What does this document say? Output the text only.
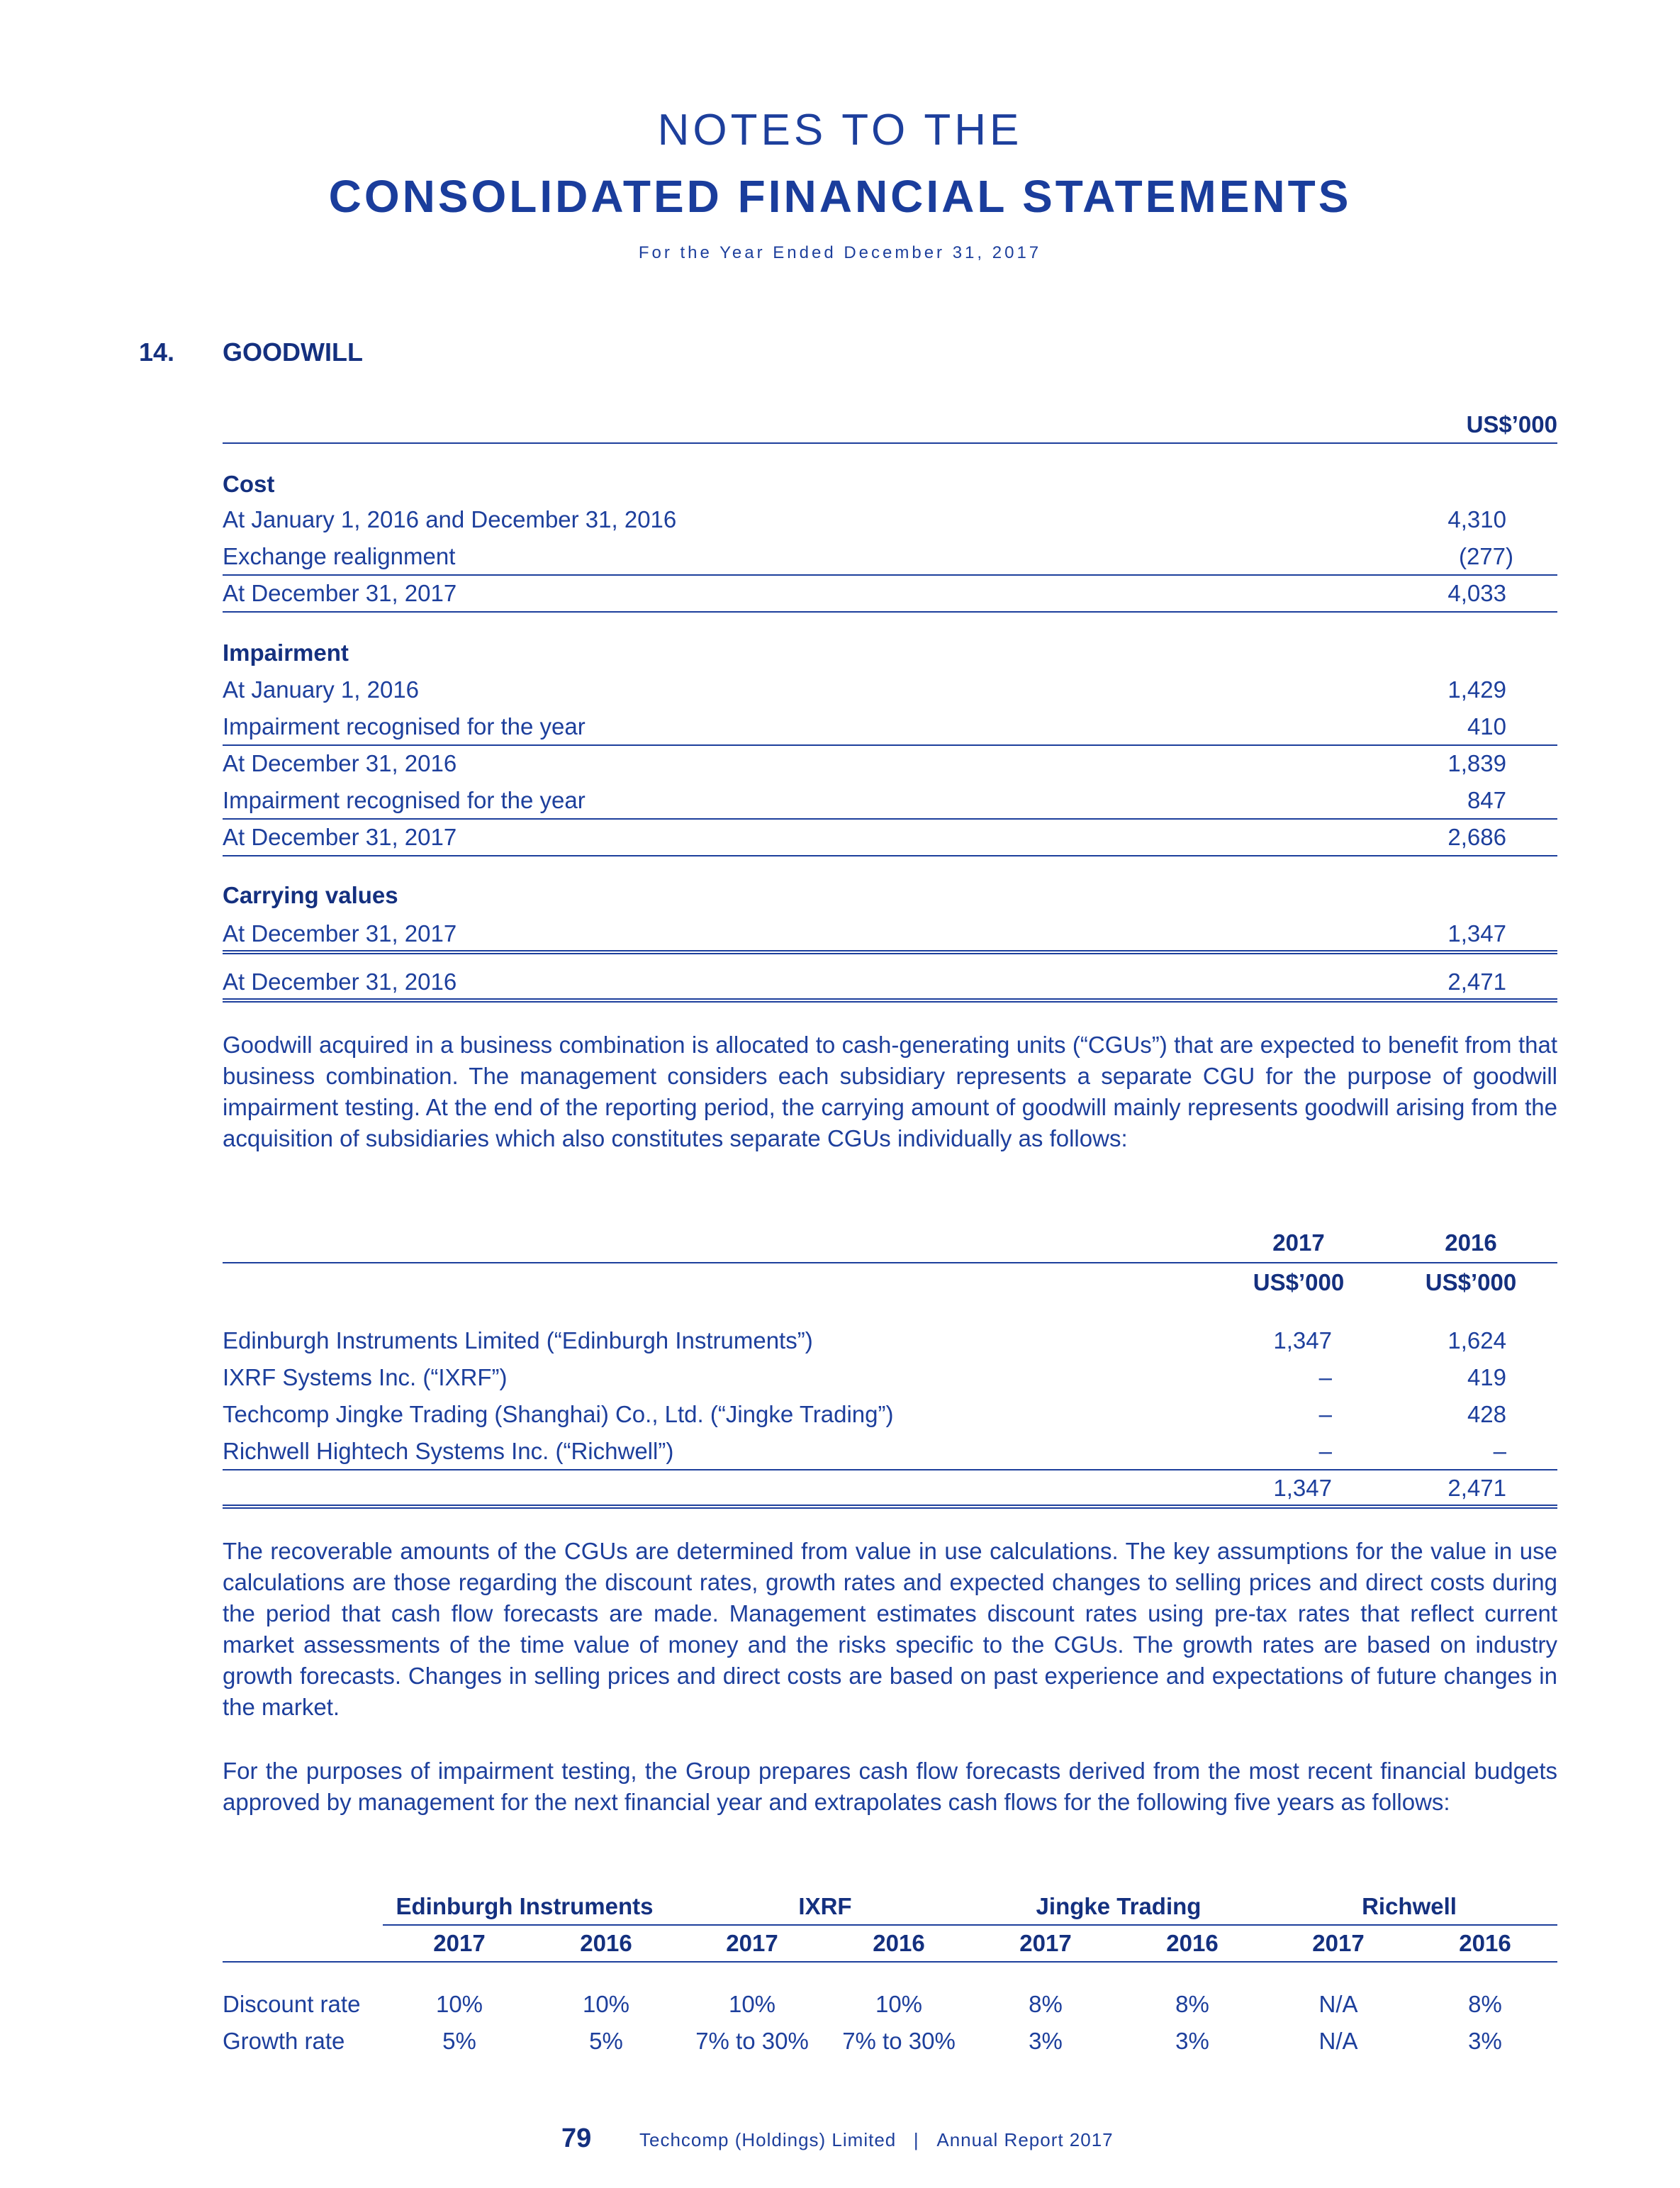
NOTES TO THE
CONSOLIDATED FINANCIAL STATEMENTS
For the Year Ended December 31, 2017
14. GOODWILL
US$’000
Cost
At January 1, 2016 and December 31, 2016	4,310
Exchange realignment	(277)
At December 31, 2017	4,033
Impairment
At January 1, 2016	1,429
Impairment recognised for the year	410
At December 31, 2016	1,839
Impairment recognised for the year	847
At December 31, 2017	2,686
Carrying values
At December 31, 2017	1,347
At December 31, 2016	2,471
Goodwill acquired in a business combination is allocated to cash-generating units (“CGUs”) that are expected to benefit from that business combination. The management considers each subsidiary represents a separate CGU for the purpose of goodwill impairment testing. At the end of the reporting period, the carrying amount of goodwill mainly represents goodwill arising from the acquisition of subsidiaries which also constitutes separate CGUs individually as follows:
2017	2016
US$’000	US$’000
Edinburgh Instruments Limited (“Edinburgh Instruments”)	1,347	1,624
IXRF Systems Inc. (“IXRF”)	–	419
Techcomp Jingke Trading (Shanghai) Co., Ltd. (“Jingke Trading”)	–	428
Richwell Hightech Systems Inc. (“Richwell”)	–	–
1,347	2,471
The recoverable amounts of the CGUs are determined from value in use calculations. The key assumptions for the value in use calculations are those regarding the discount rates, growth rates and expected changes to selling prices and direct costs during the period that cash flow forecasts are made. Management estimates discount rates using pre-tax rates that reflect current market assessments of the time value of money and the risks specific to the CGUs. The growth rates are based on industry growth forecasts. Changes in selling prices and direct costs are based on past experience and expectations of future changes in the market.
For the purposes of impairment testing, the Group prepares cash flow forecasts derived from the most recent financial budgets approved by management for the next financial year and extrapolates cash flows for the following five years as follows:
Edinburgh Instruments	IXRF	Jingke Trading	Richwell
2017	2016	2017	2016	2017	2016	2017	2016
Discount rate	10%	10%	10%	10%	8%	8%	N/A	8%
Growth rate	5%	5%	7% to 30%	7% to 30%	3%	3%	N/A	3%
79	Techcomp (Holdings) Limited | Annual Report 2017
